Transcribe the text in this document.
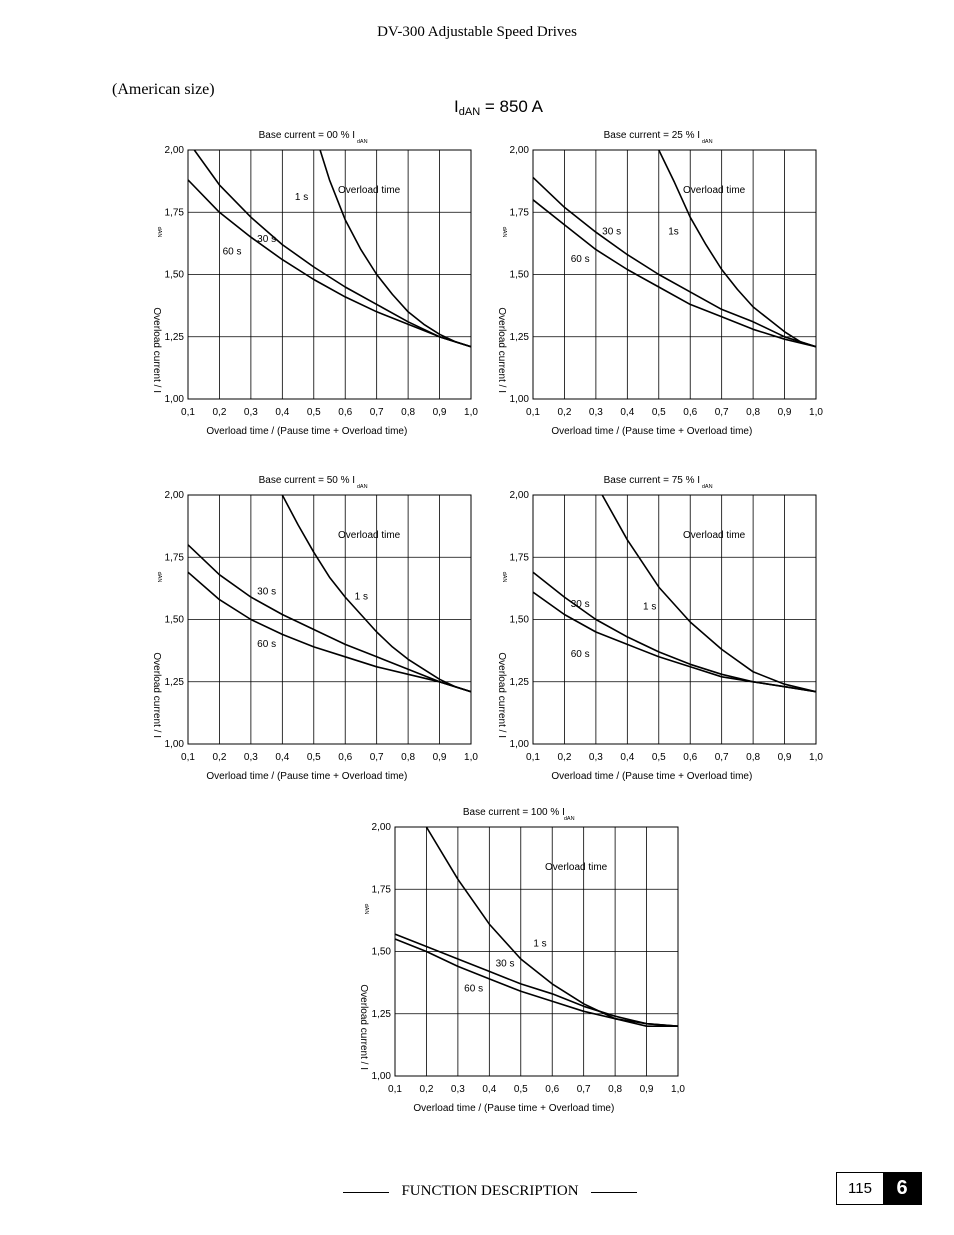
DV-300 Adjustable Speed Drives
(American size)
$I_{dAN} = 850$ A
0,1 0,2 0,3 0,4 0,5 0,6 0,7 0,8 0,9 1,0
1,00
1,25
1,50
1,75
2,00
Base current = 00 % I
dAN
Overload time / (Pause time + Overload time)
Overload current / I
dAN
Overload time
1 s
30 s
60 s
0,1 0,2 0,3 0,4 0,5 0,6 0,7 0,8 0,9 1,0
1,00
1,25
1,50
1,75
2,00
Base current = 25 % I
dAN
Overload time / (Pause time + Overload time)
Overload current / I
dAN
Overload time
1s
30 s
60 s
0,1 0,2 0,3 0,4 0,5 0,6 0,7 0,8 0,9 1,0
1,00
1,25
1,50
1,75
2,00
Base current = 50 % I
dAN
Overload time / (Pause time + Overload time)
Overload current / I
dAN
Overload time
1 s
30 s
60 s
0,1 0,2 0,3 0,4 0,5 0,6 0,7 0,8 0,9 1,0
1,00
1,25
1,50
1,75
2,00
Base current = 75 % I
dAN
Overload time / (Pause time + Overload time)
Overload current / I
dAN
Overload time
1 s
30 s
60 s
0,1 0,2 0,3 0,4 0,5 0,6 0,7 0,8 0,9 1,0
1,00
1,25
1,50
1,75
2,00
Base current = 100 % I
dAN
Overload time / (Pause time + Overload time)
Overload current / I
dAN
Overload time
1 s
30 s
60 s
FUNCTION DESCRIPTION	115	6
